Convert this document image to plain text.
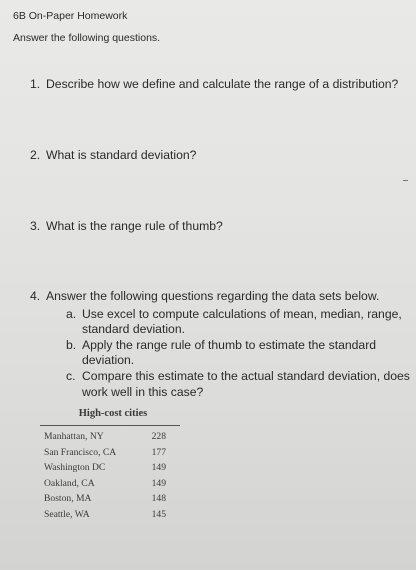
6B On-Paper Homework
Answer the following questions.
1. Describe how we define and calculate the range of a distribution?
2. What is standard deviation?
3. What is the range rule of thumb?
4. Answer the following questions regarding the data sets below.
a. Use excel to compute calculations of mean, median, range,
standard deviation.
b. Apply the range rule of thumb to estimate the standard
deviation.
c. Compare this estimate to the actual standard deviation, does
work well in this case?
High-cost cities
Manhattan, NY	228
San Francisco, CA	177
Washington DC	149
Oakland, CA	149
Boston, MA	148
Seattle, WA	145
